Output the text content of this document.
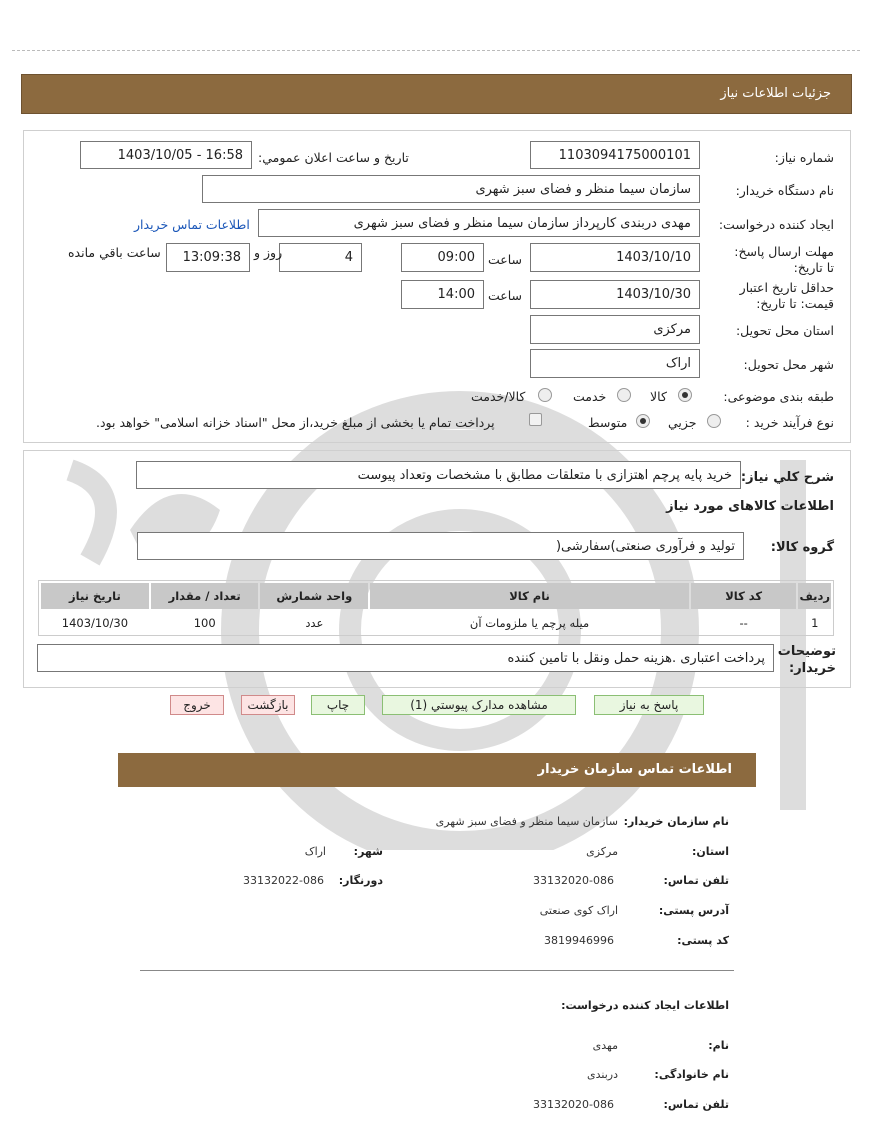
جزئيات اطلاعات نياز
شماره نياز:
1103094175000101
تاريخ و ساعت اعلان عمومي:
1403/10/05 - 16:58
نام دستگاه خريدار:
سازمان سیما منظر و فضای سبز شهری
ايجاد کننده درخواست:
مهدی دربندی کارپرداز سازمان سیما منظر و فضای سبز شهری
اطلاعات تماس خريدار
مهلت ارسال پاسخ: تا تاريخ:
1403/10/10
ساعت
09:00
4
روز و
13:09:38
ساعت باقي مانده
حداقل تاريخ اعتبار قيمت: تا تاريخ:
1403/10/30
ساعت
14:00
استان محل تحويل:
مرکزی
شهر محل تحويل:
اراک
طبقه بندی موضوعی:
کالا
خدمت
کالا/خدمت
نوع فرآيند خريد :
جزيي
متوسط
پرداخت تمام يا بخشی از مبلغ خريد،از محل "اسناد خزانه اسلامی" خواهد بود.
شرح کلي نياز:
خرید پایه پرچم اهتزازی با متعلقات مطابق با مشخصات وتعداد پیوست
اطلاعات کالاهای مورد نياز
گروه کالا:
تولید و فرآوری صنعتی)سفارشی(
رديف	کد کالا	نام کالا	واحد شمارش	تعداد / مقدار	تاريخ نياز
1	--	میله پرچم یا ملزومات آن	عدد	100	1403/10/30
توضيحات خريدار:
پرداخت اعتباری .هزینه حمل ونقل با تامین کننده
پاسخ به نياز
مشاهده مدارک پيوستي (1)
چاپ
بازگشت
خروج
اطلاعات تماس سازمان خریدار
نام سازمان خریدار:
سازمان سیما منظر و فضای سبز شهری
استان:
مرکزی
شهر:
اراک
تلفن تماس:
33132020-086
دورنگار:
33132022-086
آدرس پستی:
اراک کوی صنعتی
کد پستی:
3819946996
اطلاعات ایجاد کننده درخواست:
نام:
مهدی
نام خانوادگی:
دربندی
تلفن تماس:
33132020-086
